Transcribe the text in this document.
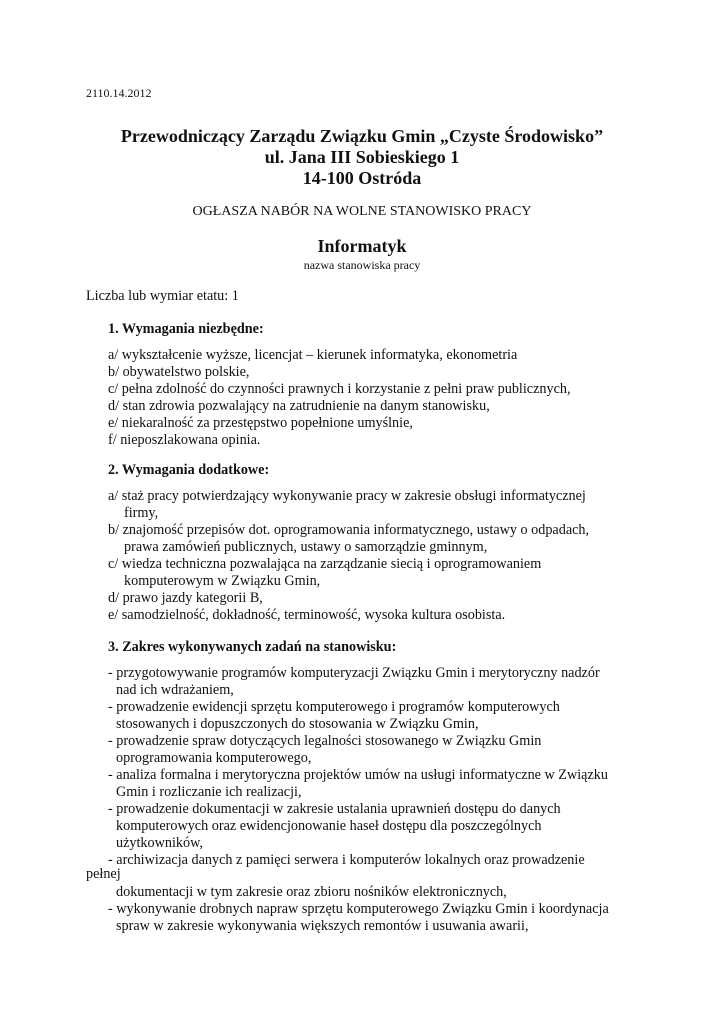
2110.14.2012
Przewodniczący Zarządu Związku Gmin „Czyste Środowisko”
ul. Jana III Sobieskiego 1
14-100 Ostróda
OGŁASZA NABÓR NA WOLNE STANOWISKO PRACY
Informatyk
nazwa stanowiska pracy
Liczba lub wymiar etatu: 1
1. Wymagania niezbędne:
a/ wykształcenie wyższe, licencjat – kierunek informatyka, ekonometria
b/ obywatelstwo polskie,
c/ pełna zdolność do czynności prawnych i korzystanie z pełni praw publicznych,
d/ stan zdrowia pozwalający na zatrudnienie na danym stanowisku,
e/ niekaralność za przestępstwo popełnione umyślnie,
f/ nieposzlakowana opinia.
2. Wymagania dodatkowe:
a/ staż pracy potwierdzający wykonywanie pracy w zakresie obsługi informatycznej
firmy,
b/ znajomość przepisów dot. oprogramowania informatycznego, ustawy o odpadach,
prawa zamówień publicznych, ustawy o samorządzie gminnym,
c/ wiedza techniczna pozwalająca na zarządzanie siecią i oprogramowaniem
komputerowym w Związku Gmin,
d/ prawo jazdy kategorii B,
e/ samodzielność, dokładność, terminowość, wysoka kultura osobista.
3. Zakres wykonywanych zadań na stanowisku:
- przygotowywanie programów komputeryzacji Związku Gmin i merytoryczny nadzór
nad ich wdrażaniem,
- prowadzenie ewidencji sprzętu komputerowego i programów komputerowych
stosowanych i dopuszczonych do stosowania w Związku Gmin,
- prowadzenie spraw dotyczących legalności stosowanego w Związku Gmin
oprogramowania komputerowego,
- analiza formalna i merytoryczna projektów umów na usługi informatyczne w Związku
Gmin i rozliczanie ich realizacji,
- prowadzenie dokumentacji w zakresie ustalania uprawnień dostępu do danych
komputerowych oraz ewidencjonowanie haseł dostępu dla poszczególnych
użytkowników,
- archiwizacja danych z pamięci serwera i komputerów lokalnych oraz prowadzenie
pełnej
dokumentacji w tym zakresie oraz zbioru nośników elektronicznych,
- wykonywanie drobnych napraw sprzętu komputerowego Związku Gmin i koordynacja
spraw w zakresie wykonywania większych remontów i usuwania awarii,
